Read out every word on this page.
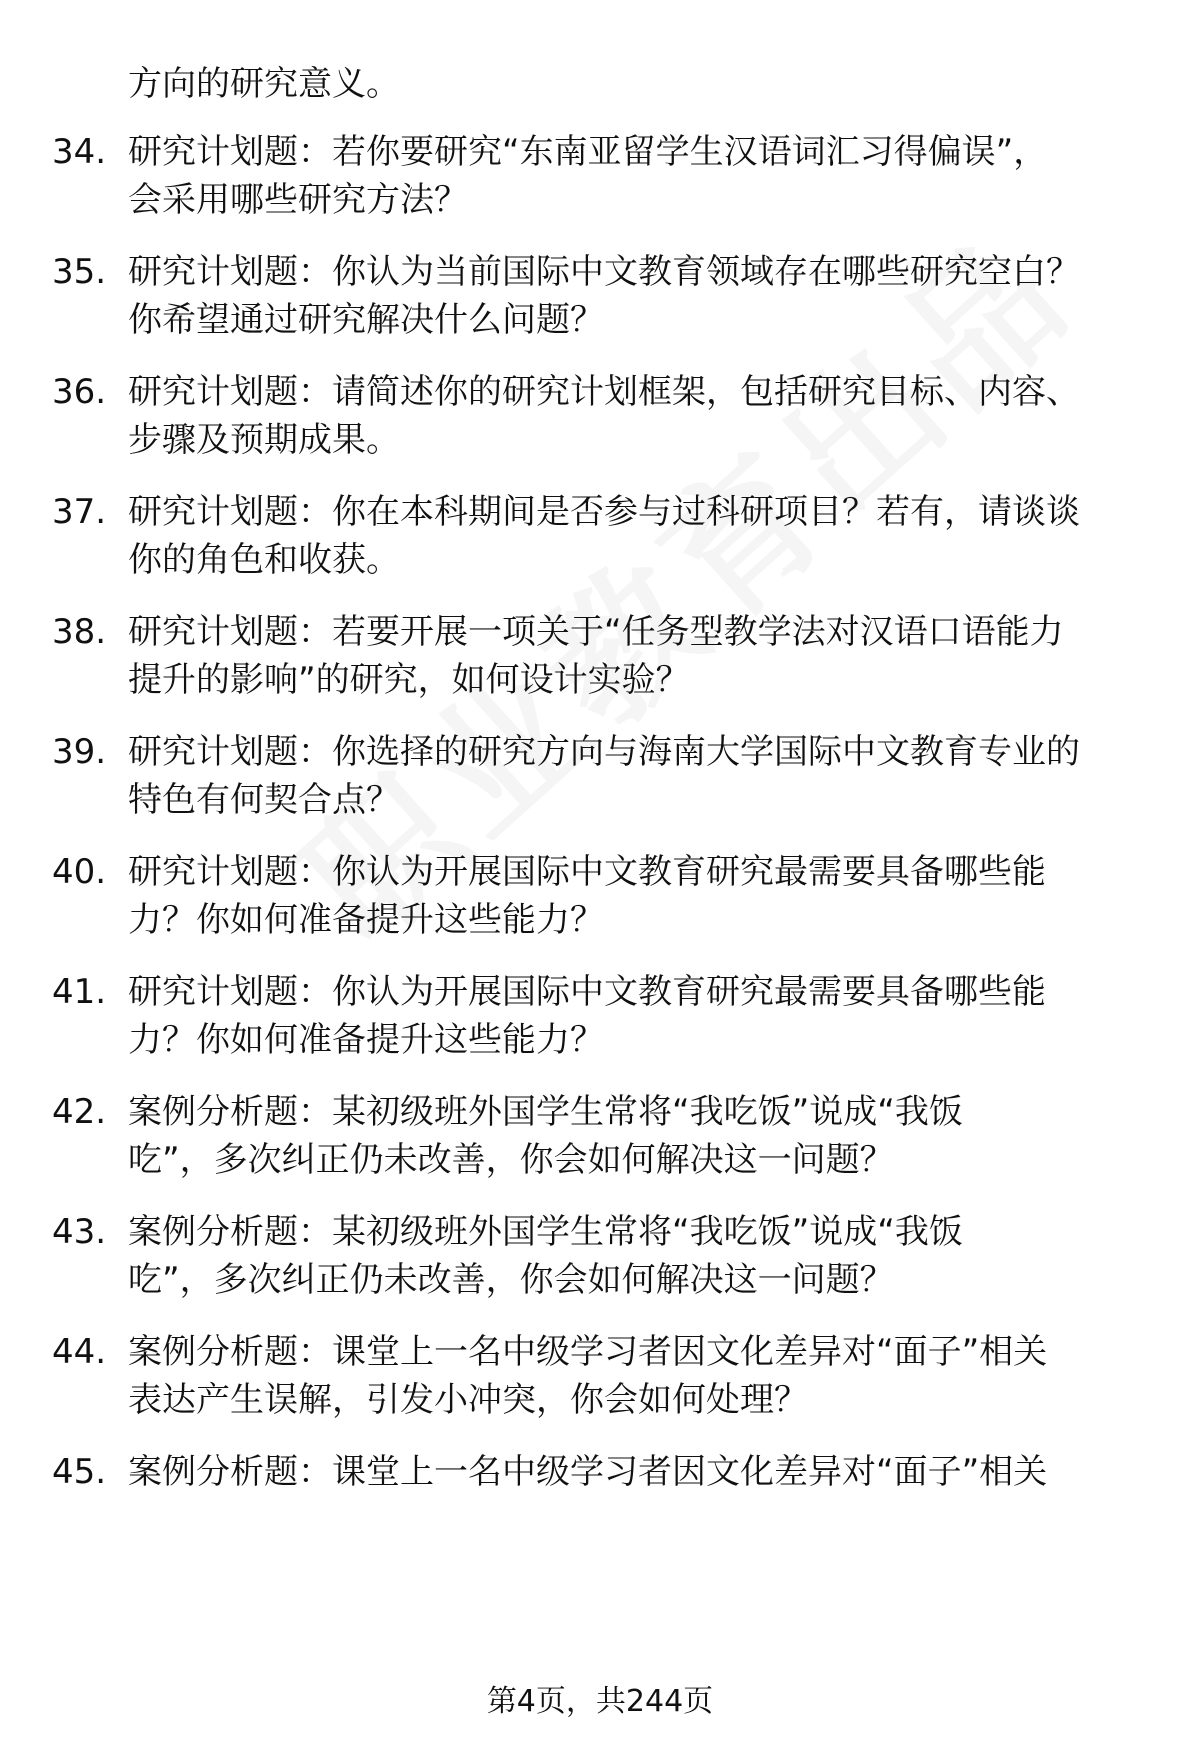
方向的研究意义。
34. 研究计划题：若你要研究“东南亚留学生汉语词汇习得偏误”，
会采用哪些研究方法？
35. 研究计划题：你认为当前国际中文教育领域存在哪些研究空白？
你希望通过研究解决什么问题？
36. 研究计划题：请简述你的研究计划框架，包括研究目标、内容、
步骤及预期成果。
37. 研究计划题：你在本科期间是否参与过科研项目？若有，请谈谈
你的角色和收获。
38. 研究计划题：若要开展一项关于“任务型教学法对汉语口语能力
提升的影响”的研究，如何设计实验？
39. 研究计划题：你选择的研究方向与海南大学国际中文教育专业的
特色有何契合点？
40. 研究计划题：你认为开展国际中文教育研究最需要具备哪些能
力？你如何准备提升这些能力？
41. 研究计划题：你认为开展国际中文教育研究最需要具备哪些能
力？你如何准备提升这些能力？
42. 案例分析题：某初级班外国学生常将“我吃饭”说成“我饭
吃”，多次纠正仍未改善，你会如何解决这一问题？
43. 案例分析题：某初级班外国学生常将“我吃饭”说成“我饭
吃”，多次纠正仍未改善，你会如何解决这一问题？
44. 案例分析题：课堂上一名中级学习者因文化差异对“面子”相关
表达产生误解，引发小冲突，你会如何处理？
45. 案例分析题：课堂上一名中级学习者因文化差异对“面子”相关
第4页，共244页
